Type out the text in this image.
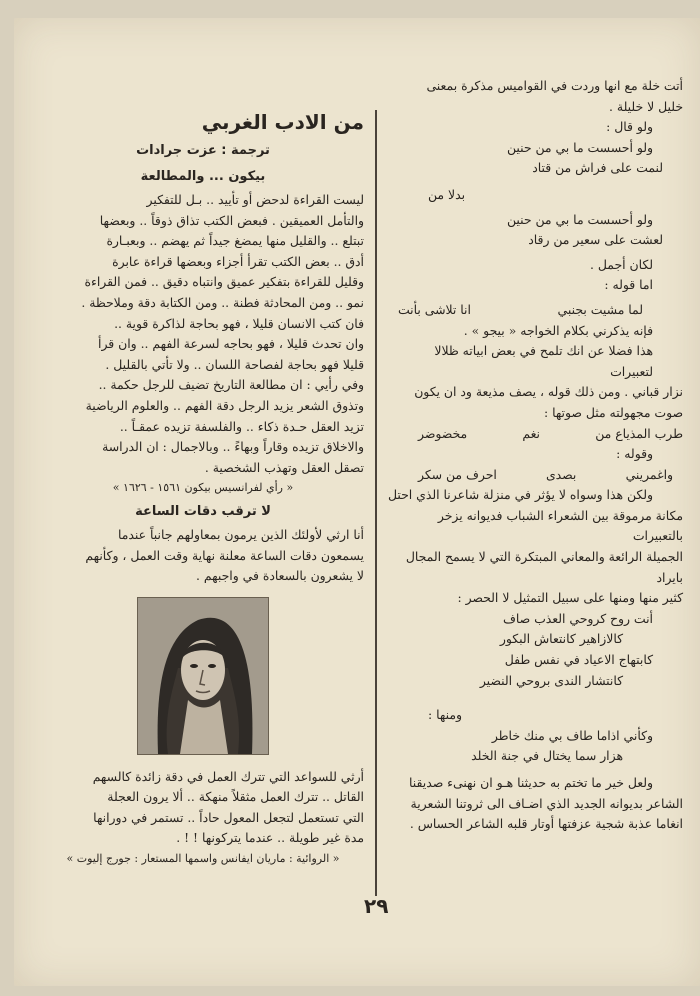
أتت خلة مع انها وردت في القواميس مذكرة بمعنى

خليل لا خليلة .

ولو قال :

ولو أحسست ما بي من حنين

لنمت على فراش من قتاد

بدلا من

ولو أحسست ما بي من حنين

لعشت على سعير من رقاد

لكان أجمل .

اما قوله :

لما مشيت بجنبي
انا تلاشى بأنت

فإنه يذكرني بكلام الخواجه « بيجو » .

هذا فضلا عن انك تلمح في بعض ابياته ظلالا لتعبيرات

نزار قباني . ومن ذلك قوله ، يصف مذيعة ود ان يكون

صوت مجهولته مثل صوتها :

طرب المذياع من
نغم
مخضوضر

وقوله :

واغمريني
بصدى
احرف من سكر

ولكن هذا وسواه لا يؤثر في منزلة شاعرنا الذي احتل

مكانة مرموقة بين الشعراء الشباب فديوانه يزخر بالتعبيرات

الجميلة الرائعة والمعاني المبتكرة التي لا يسمح المجال بايراد

كثير منها ومنها على سبيل التمثيل لا الحصر :

أنت روح كروحي العذب صاف

كالازاهير كانتعاش البكور

كابتهاج الاعياد في نفس طفل

كانتشار الندى بروحي النضير

ومنها :

وكأني اذاما طاف بي منك خاطر

هزار سما يختال في جنة الخلد

ولعل خير ما تختم به حديثنا هـو ان نهنىء صديقنا

الشاعر بديوانه الجديد الذي اضـاف الى ثروتنا الشعرية

انغاما عذبة شجية عزفتها أوتار قلبه الشاعر الحساس .

من الادب الغربي

ترجمة : عزت جرادات

بيكون ... والمطالعة

ليست القراءة لدحض أو تأييد .. بـل للتفكير

والتأمل العميقين . فبعض الكتب تذاق ذوقاً .. وبعضها

تبتلع .. والقليل منها يمضغ جيداً ثم يهضم .. وبعبـارة

أدق .. بعض الكتب تقرأ أجزاء وبعضها قراءة عابرة

وقليل للقراءة بتفكير عميق وانتباه دقيق .. فمن القراءة

نمو .. ومن المحادثة فطنة .. ومن الكتابة دقة وملاحظة .

فان كتب الانسان قليلا ، فهو بحاجة لذاكرة قوية ..

وان تحدث قليلا ، فهو بحاجه لسرعة الفهم .. وان قرأ

قليلا فهو بحاجة لفصاحة اللسان .. ولا تأتي بالقليل .

وفي رأيي : ان مطالعة التاريخ تضيف للرجل حكمة ..

وتذوق الشعر يزيد الرجل دقة الفهم .. والعلوم الرياضية

تزيد العقل حـدة ذكاء .. والفلسفة تزيده عمقـاً ..

والاخلاق تزيده وقاراً وبهاءً .. وبالاجمال : ان الدراسة

تصقل العقل وتهذب الشخصية .

« رأي لفرانسيس بيكون ١٥٦١ - ١٦٢٦ »

لا ترقب دقات الساعة

أنا ارثي لأولئك الذين يرمون بمعاولهم جانباً عندما

يسمعون دقات الساعة معلنة نهاية وقت العمل ، وكأنهم

لا يشعرون بالسعادة في واجبهم .

أرثي للسواعد التي تترك العمل في دقة زائدة كالسهم

القاتل .. تترك العمل مثقلاً منهكة .. ألا يرون العجلة

التي تستعمل لتجعل المعول حاداً .. تستمر في دورانها

مدة غير طويلة .. عندما يتركونها ! ! .

« الروائية : ماريان ايفانس واسمها المستعار : جورج إليوت »

٢٩
